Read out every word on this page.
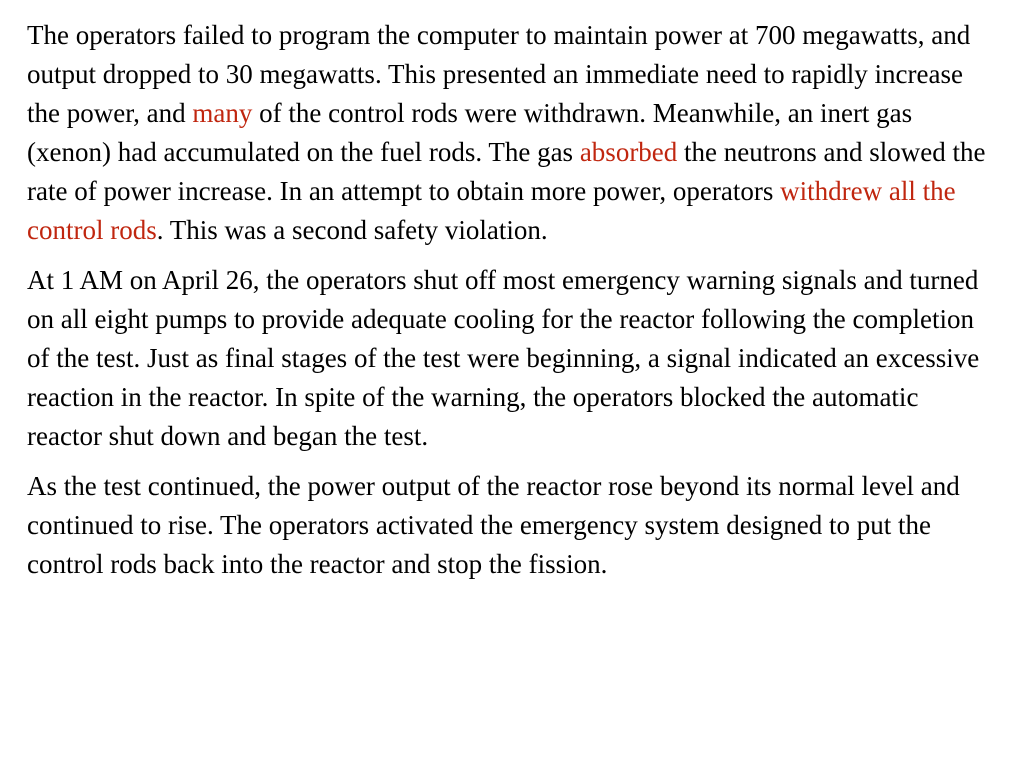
The operators failed to program the computer to maintain power at 700 megawatts, and output dropped to 30 megawatts. This presented an immediate need to rapidly increase the power, and many of the control rods were withdrawn. Meanwhile, an inert gas (xenon) had accumulated on the fuel rods. The gas absorbed the neutrons and slowed the rate of power increase. In an attempt to obtain more power, operators withdrew all the control rods. This was a second safety violation.

At 1 AM on April 26, the operators shut off most emergency warning signals and turned on all eight pumps to provide adequate cooling for the reactor following the completion of the test. Just as final stages of the test were beginning, a signal indicated an excessive reaction in the reactor. In spite of the warning, the operators blocked the automatic reactor shut down and began the test.

As the test continued, the power output of the reactor rose beyond its normal level and continued to rise. The operators activated the emergency system designed to put the control rods back into the reactor and stop the fission.
